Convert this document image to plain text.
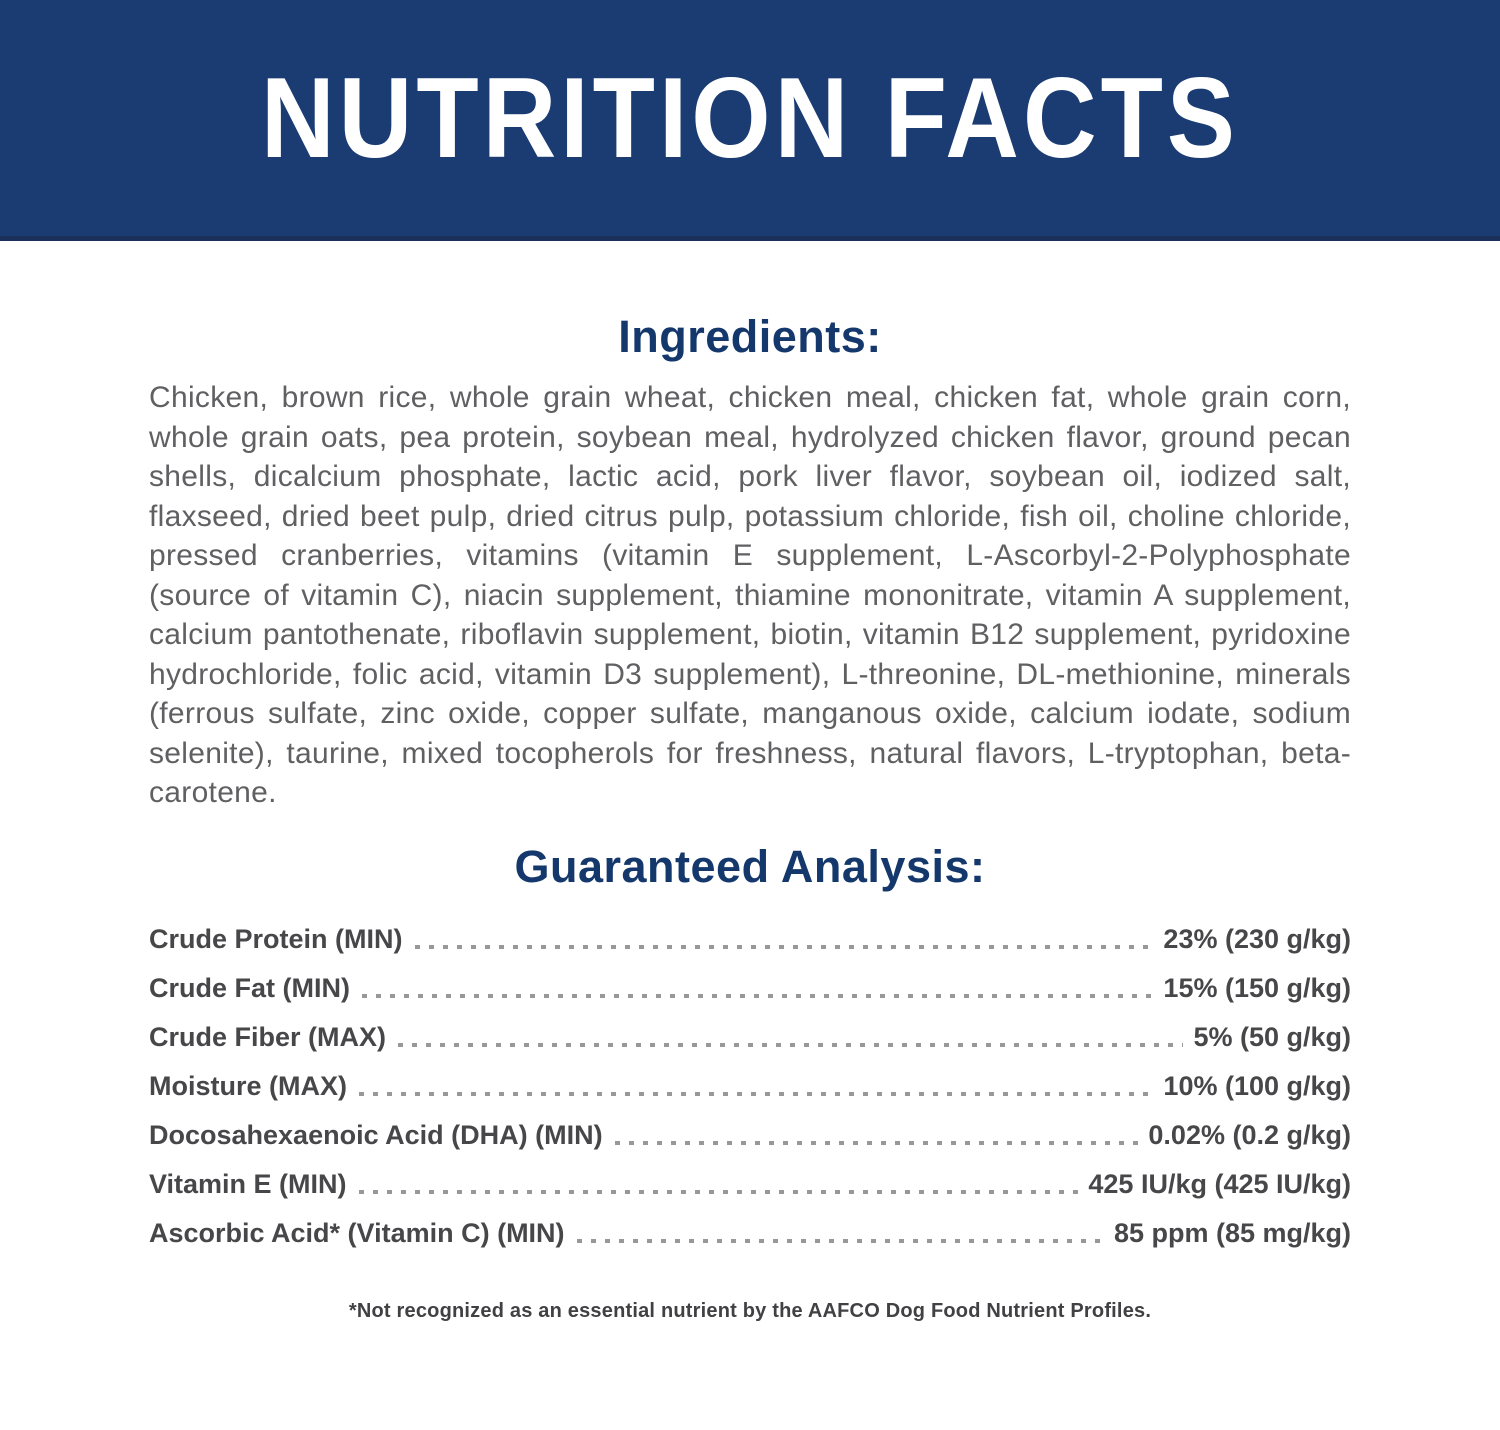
NUTRITION FACTS
Ingredients:

Chicken, brown rice, whole grain wheat, chicken meal, chicken fat, whole grain corn, whole grain oats, pea protein, soybean meal, hydrolyzed chicken flavor, ground pecan shells, dicalcium phosphate, lactic acid, pork liver flavor, soybean oil, iodized salt, flaxseed, dried beet pulp, dried citrus pulp, potassium chloride, fish oil, choline chloride, pressed cranberries, vitamins (vitamin E supplement, L-Ascorbyl-2-Polyphosphate (source of vitamin C), niacin supplement, thiamine mononitrate, vitamin A supplement, calcium pantothenate, riboflavin supplement, biotin, vitamin B12 supplement, pyridoxine hydrochloride, folic acid, vitamin D3 supplement), L-threonine, DL-methionine, minerals (ferrous sulfate, zinc oxide, copper sulfate, manganous oxide, calcium iodate, sodium selenite), taurine, mixed tocopherols for freshness, natural flavors, L-tryptophan, beta-carotene.

Guaranteed Analysis:
Crude Protein (MIN)	23% (230 g/kg)
Crude Fat (MIN)	15% (150 g/kg)
Crude Fiber (MAX)	5% (50 g/kg)
Moisture (MAX)	10% (100 g/kg)
Docosahexaenoic Acid (DHA) (MIN)	0.02% (0.2 g/kg)
Vitamin E (MIN)	425 IU/kg (425 IU/kg)
Ascorbic Acid* (Vitamin C) (MIN)	85 ppm (85 mg/kg)

*Not recognized as an essential nutrient by the AAFCO Dog Food Nutrient Profiles.
